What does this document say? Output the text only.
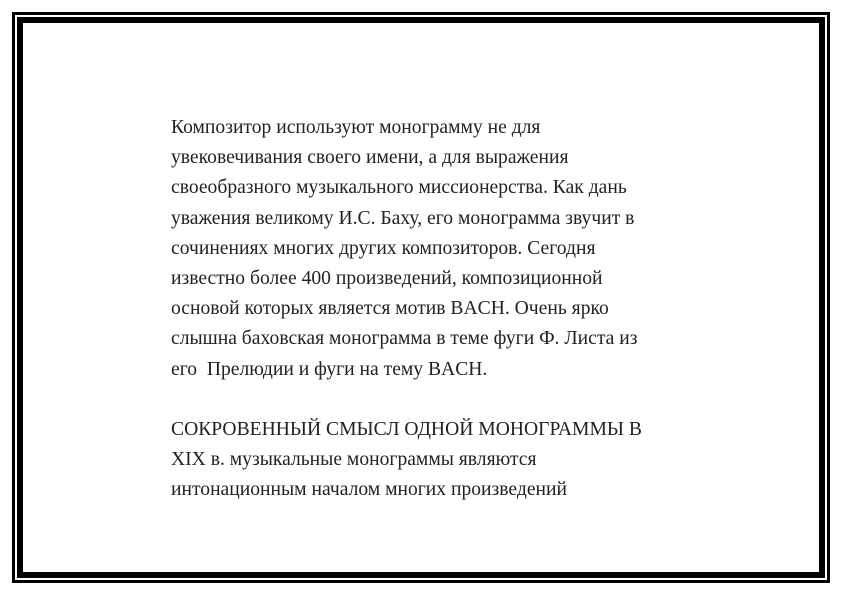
Композитор используют монограмму не для
увековечивания своего имени, а для выражения
своеобразного музыкального миссионерства. Как дань
уважения великому И.С. Баху, его монограмма звучит в
сочинениях многих других композиторов. Сегодня
известно более 400 произведений, композиционной
основой которых является мотив BACH. Очень ярко
слышна баховская монограмма в теме фуги Ф. Листа из
его  Прелюдии и фуги на тему BACH.
СОКРОВЕННЫЙ СМЫСЛ ОДНОЙ МОНОГРАММЫ В
XIX в. музыкальные монограммы являются
интонационным началом многих произведений
